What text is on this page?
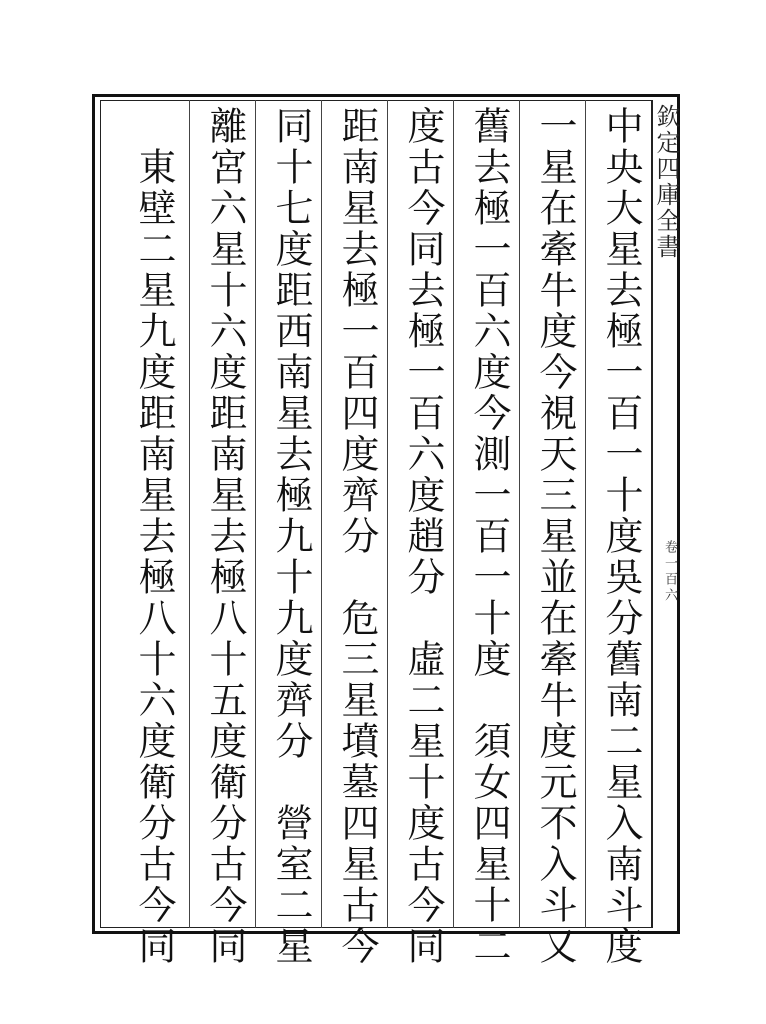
欽定四庫全書
卷一百六
中央大星去極一百一十度吳分舊南二星入南斗度
一星在牽牛度今視天三星並在牽牛度元不入斗又
舊去極一百六度今測一百一十度　須女四星十二
度古今同去極一百六度趙分　虛二星十度古今同
距南星去極一百四度齊分　危三星墳墓四星古今
同十七度距西南星去極九十九度齊分　營室二星
離宮六星十六度距南星去極八十五度衛分古今同
　東壁二星九度距南星去極八十六度衛分古今同
